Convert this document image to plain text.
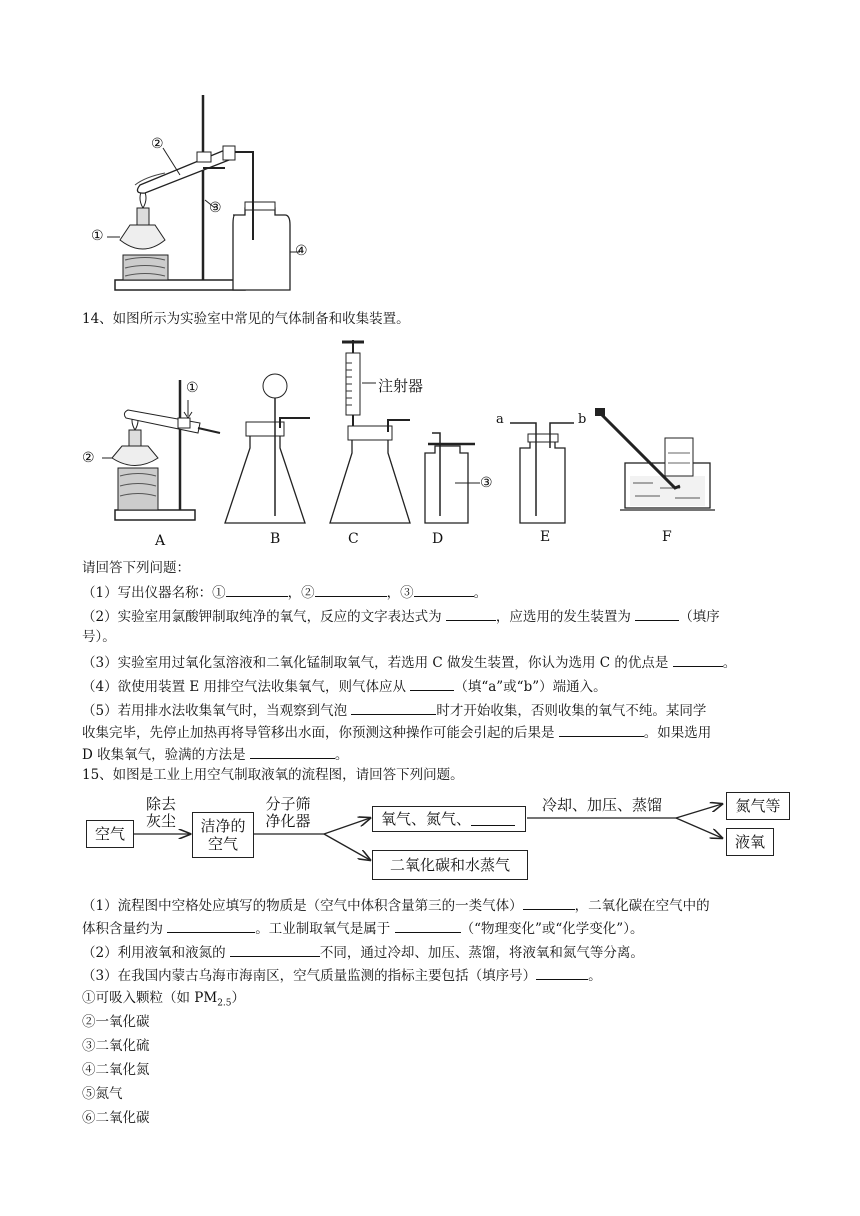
①
②
③
④
14、如图所示为实验室中常见的气体制备和收集装置。
①
②
③
注射器
a	b
A	B	C	D	E	F
请回答下列问题：
（1）写出仪器名称：①	，②	，③	。
（2）实验室用氯酸钾制取纯净的氧气，反应的文字表达式为	，应选用的发生装置为	（填序
号）。
（3）实验室用过氧化氢溶液和二氧化锰制取氧气，若选用 C 做发生装置，你认为选用 C 的优点是	。
（4）欲使用装置 E 用排空气法收集氧气，则气体应从	（填“a”或“b”）端通入。
（5）若用排水法收集氧气时，当观察到气泡	时才开始收集，否则收集的氧气不纯。某同学
收集完毕，先停止加热再将导管移出水面，你预测这种操作可能会引起的后果是	。如果选用
D 收集氧气，验满的方法是	。
15、如图是工业上用空气制取液氧的流程图，请回答下列问题。
空气
除去
灰尘	洁净的
空气
分子筛
净化器	氧气、氮气、
二氧化碳和水蒸气
冷却、加压、蒸馏	氮气等
液氧
（1）流程图中空格处应填写的物质是（空气中体积含量第三的一类气体）	，二氧化碳在空气中的
体积含量约为	。工业制取氧气是属于	（“物理变化”或“化学变化”）。
（2）利用液氧和液氮的	不同，通过冷却、加压、蒸馏，将液氧和氮气等分离。
（3）在我国内蒙古乌海市海南区，空气质量监测的指标主要包括（填序号）	。
①可吸入颗粒（如 $PM_{2.5}$）
②一氧化碳
③二氧化硫
④二氧化氮
⑤氮气
⑥二氧化碳
